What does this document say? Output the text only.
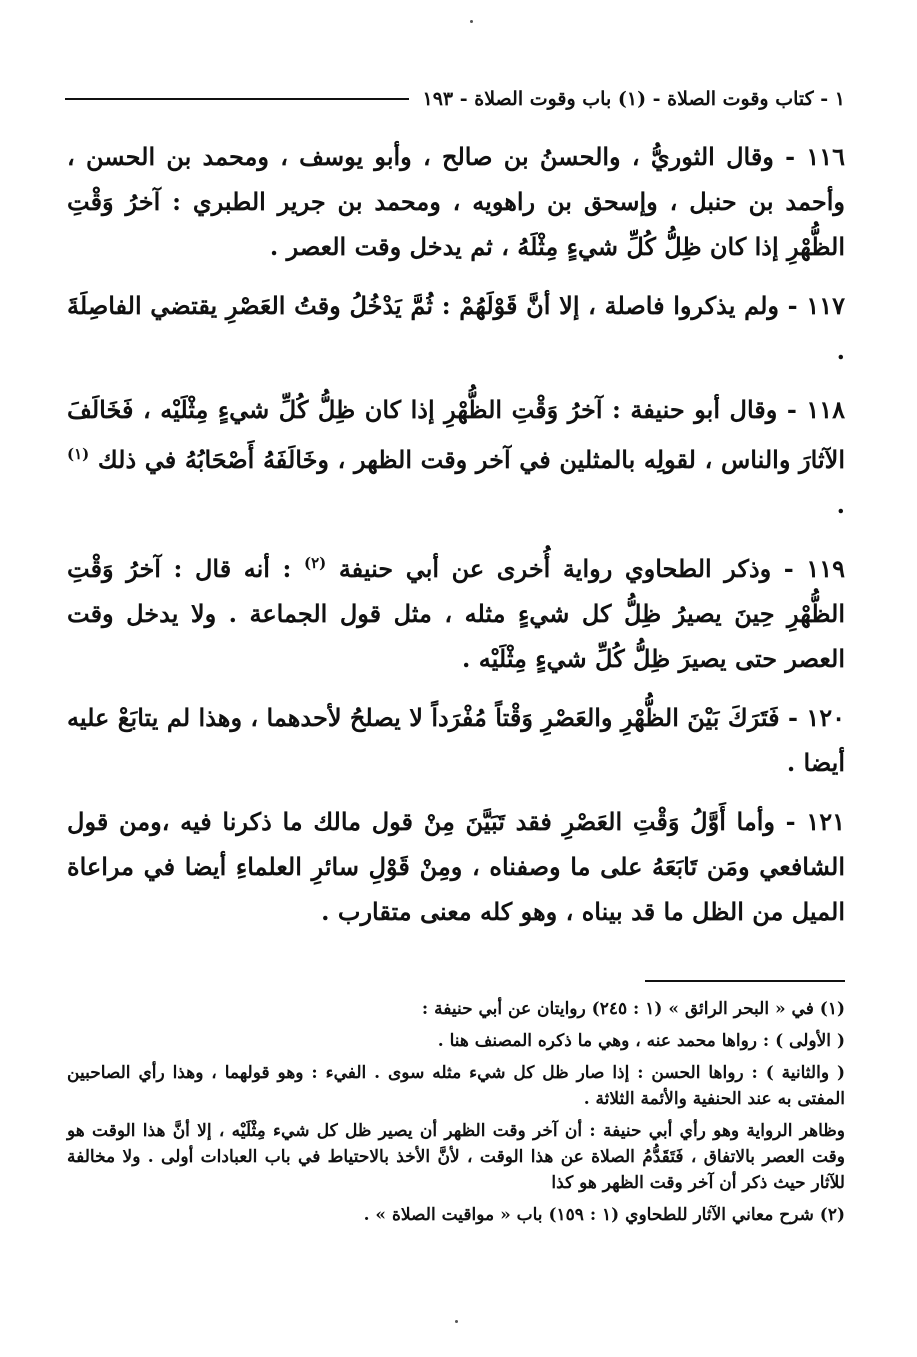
١ - كتاب وقوت الصلاة - (١) باب وقوت الصلاة - ١٩٣

١١٦ - وقال الثوريُّ ، والحسنُ بن صالح ، وأبو يوسف ، ومحمد بن الحسن ، وأحمد بن حنبل ، وإسحق بن راهويه ، ومحمد بن جرير الطبري : آخرُ وَقْتِ الظُّهْرِ إذا كان ظِلُّ كُلِّ شيءٍ مِثْلَهُ ، ثم يدخل وقت العصر .

١١٧ - ولم يذكروا فاصلة ، إلا أنَّ قَوْلَهُمْ : ثُمَّ يَدْخُلُ وقتُ العَصْرِ يقتضي الفاصِلَةَ .

١١٨ - وقال أبو حنيفة : آخرُ وَقْتِ الظُّهْرِ إذا كان ظِلُّ كُلِّ شيءٍ مِثْلَيْه ، فَخَالَفَ الآثارَ والناس ، لقولِه بالمثلين في آخر وقت الظهر ، وخَالَفَهُ أَصْحَابُهُ في ذلك $^{(١)}$ .

١١٩ - وذكر الطحاوي رواية أُخرى عن أبي حنيفة $^{(٢)}$ : أنه قال : آخرُ وَقْتِ الظُّهْرِ حِينَ يصيرُ ظِلُّ كل شيءٍ مثله ، مثل قول الجماعة . ولا يدخل وقت العصر حتى يصيرَ ظِلُّ كُلِّ شيءٍ مِثْلَيْه .

١٢٠ - فَتَرَكَ بَيْنَ الظُّهْرِ والعَصْرِ وَقْتاً مُفْرَداً لا يصلحُ لأحدهما ، وهذا لم يتابَعْ عليه أيضا .

١٢١ - وأما أَوَّلُ وَقْتِ العَصْرِ فقد تَبَيَّنَ مِنْ قول مالك ما ذكرنا فيه ،ومن قول الشافعي ومَن تَابَعَهُ على ما وصفناه ، ومِنْ قَوْلِ سائرِ العلماءِ أيضا في مراعاة الميل من الظل ما قد بيناه ، وهو كله معنى متقارب .

(١) في « البحر الرائق » (١ : ٢٤٥) روايتان عن أبي حنيفة :

( الأولى ) : رواها محمد عنه ، وهي ما ذكره المصنف هنا .

( والثانية ) : رواها الحسن : إذا صار ظل كل شيء مثله سوى . الفيء : وهو قولهما ، وهذا رأي الصاحبين المفتى به عند الحنفية والأئمة الثلاثة .

وظاهر الرواية وهو رأي أبي حنيفة : أن آخر وقت الظهر أن يصير ظل كل شيء مِثْلَيْه ، إلا أنَّ هذا الوقت هو وقت العصر بالاتفاق ، فَتَقَدُّمُ الصلاة عن هذا الوقت ، لأنَّ الأخذ بالاحتياط في باب العبادات أولى . ولا مخالفة للآثار حيث ذكر أن آخر وقت الظهر هو كذا

(٢) شرح معاني الآثار للطحاوي (١ : ١٥٩) باب « مواقيت الصلاة » .
